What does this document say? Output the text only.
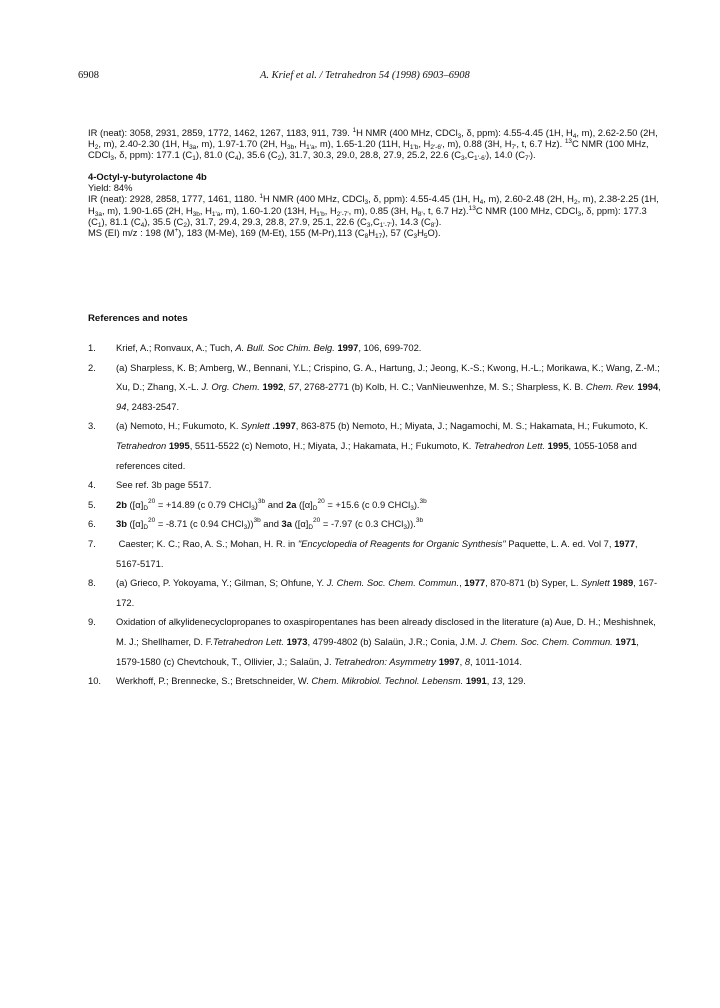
6908	A. Krief et al. / Tetrahedron 54 (1998) 6903–6908

IR (neat): 3058, 2931, 2859, 1772, 1462, 1267, 1183, 911, 739. $^1$H NMR (400 MHz, CDCl$_3$, δ, ppm): 4.55-4.45 (1H, $H_4$, m), 2.62-2.50 (2H, $H_2$, m), 2.40-2.30 (1H, $H_{3a}$, m), 1.97-1.70 (2H, $H_{3b}$, $H_{1'a}$, m), 1.65-1.20 (11H, $H_{1'b}$, $H_{2'-6'}$, m), 0.88 (3H, $H_{7'}$, t, 6.7 Hz). $^{13}$C NMR (100 MHz, CDCl$_3$, δ, ppm): 177.1 $(C_1)$, 81.0 $(C_4)$, 35.6 $(C_2)$, 31.7, 30.3, 29.0, 28.8, 27.9, 25.2, 22.6 $(C_3,C_{1'-6'})$, 14.0 $(C_{7'})$.

4-Octyl-γ-butyrolactone 4b

Yield: 84%

IR (neat): 2928, 2858, 1777, 1461, 1180. $^1$H NMR (400 MHz, CDCl$_3$, δ, ppm): 4.55-4.45 (1H, $H_4$, m), 2.60-2.48 (2H, $H_2$, m), 2.38-2.25 (1H, $H_{3a}$, m), 1.90-1.65 (2H, $H_{3b}$, $H_{1'a}$, m), 1.60-1.20 (13H, $H_{1'b}$, $H_{2'-7'}$, m), 0.85 (3H, $H_{8'}$, t, 6.7 Hz).$^{13}$C NMR (100 MHz, CDCl$_3$, δ, ppm): 177.3 $(C_1)$, 81.1 $(C_4)$, 35.5 $(C_2)$, 31.7, 29.4, 29.3, 28.8, 27.9, 25.1, 22.6 $(C_3,C_{1'-7'})$, 14.3 $(C_{8'})$.

MS (EI) m/z : 198 (M+), 183 (M-Me), 169 (M-Et), 155 (M-Pr),113 $(C_8H_{17})$, 57 $(C_3H_5O)$.

References and notes
1.	Krief, A.; Ronvaux, A.; Tuch, A. Bull. Soc Chim. Belg. 1997, 106, 699-702.
2.	(a) Sharpless, K. B; Amberg, W., Bennani, Y.L.; Crispino, G. A., Hartung, J.; Jeong, K.-S.; Kwong, H.-L.; Morikawa, K.; Wang, Z.-M.; Xu, D.; Zhang, X.-L. J. Org. Chem. 1992, 57, 2768-2771 (b) Kolb, H. C.; VanNieuwenhze, M. S.; Sharpless, K. B. Chem. Rev. 1994, 94, 2483-2547.
3.	(a) Nemoto, H.; Fukumoto, K. Synlett .1997, 863-875 (b) Nemoto, H.; Miyata, J.; Nagamochi, M. S.; Hakamata, H.; Fukumoto, K. Tetrahedron 1995, 5511-5522 (c) Nemoto, H.; Miyata, J.; Hakamata, H.; Fukumoto, K. Tetrahedron Lett. 1995, 1055-1058 and references cited.
4.	See ref. 3b page 5517.
5.	2b ($[\alpha]_D^{20} = +14.89$ (c 0.79 CHCl$_3$)$^{3b}$ and 2a ($[\alpha]_D^{20} = +15.6$ (c 0.9 CHCl$_3$).$^{3b}$
6.	3b ($[\alpha]_D^{20} = -8.71$ (c 0.94 CHCl$_3$))$^{3b}$ and 3a ($[\alpha]_D^{20} = -7.97$ (c 0.3 CHCl$_3$)).$^{3b}$
7.	Caester; K. C.; Rao, A. S.; Mohan, H. R. in "Encyclopedia of Reagents for Organic Synthesis" Paquette, L. A. ed. Vol 7, 1977, 5167-5171.
8.	(a) Grieco, P. Yokoyama, Y.; Gilman, S; Ohfune, Y. J. Chem. Soc. Chem. Commun., 1977, 870-871 (b) Syper, L. Synlett 1989, 167-172.
9.	Oxidation of alkylidenecyclopropanes to oxaspiropentanes has been already disclosed in the literature (a) Aue, D. H.; Meshishnek, M. J.; Shellhamer, D. F.Tetrahedron Lett. 1973, 4799-4802 (b) Salaün, J.R.; Conia, J.M. J. Chem. Soc. Chem. Commun. 1971, 1579-1580 (c) Chevtchouk, T., Ollivier, J.; Salaün, J. Tetrahedron: Asymmetry 1997, 8, 1011-1014.
10.	Werkhoff, P.; Brennecke, S.; Bretschneider, W. Chem. Mikrobiol. Technol. Lebensm. 1991, 13, 129.
